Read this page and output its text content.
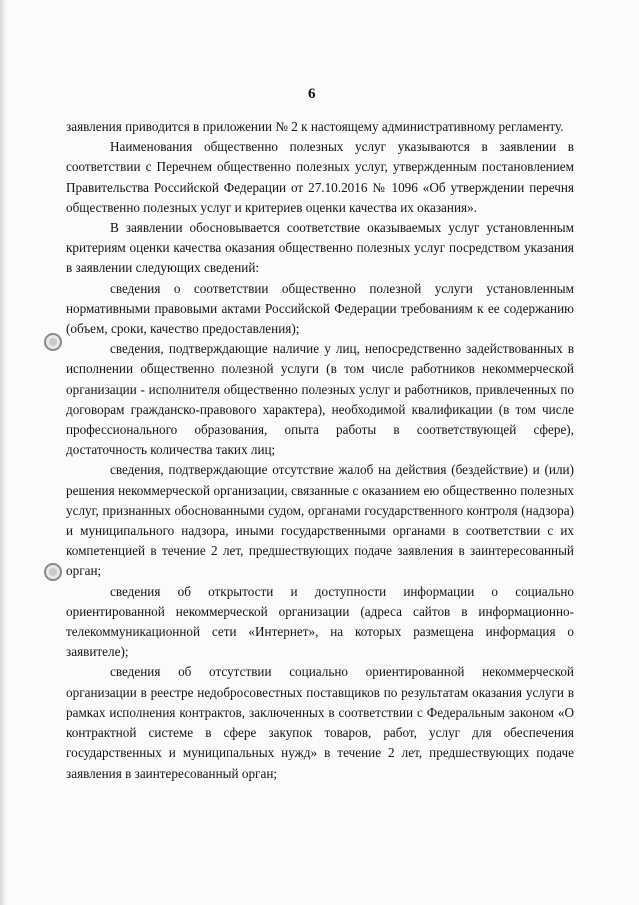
6

заявления приводится в приложении № 2 к настоящему административному регламенту.

Наименования общественно полезных услуг указываются в заявлении в соответствии с Перечнем общественно полезных услуг, утвержденным постановлением Правительства Российской Федерации от 27.10.2016 № 1096 «Об утверждении перечня общественно полезных услуг и критериев оценки качества их оказания».

В заявлении обосновывается соответствие оказываемых услуг установленным критериям оценки качества оказания общественно полезных услуг посредством указания в заявлении следующих сведений:

сведения о соответствии общественно полезной услуги установленным нормативными правовыми актами Российской Федерации требованиям к ее содержанию (объем, сроки, качество предоставления);

сведения, подтверждающие наличие у лиц, непосредственно задействованных в исполнении общественно полезной услуги (в том числе работников некоммерческой организации - исполнителя общественно полезных услуг и работников, привлеченных по договорам гражданско-правового характера), необходимой квалификации (в том числе профессионального образования, опыта работы в соответствующей сфере), достаточность количества таких лиц;

сведения, подтверждающие отсутствие жалоб на действия (бездействие) и (или) решения некоммерческой организации, связанные с оказанием ею общественно полезных услуг, признанных обоснованными судом, органами государственного контроля (надзора) и муниципального надзора, иными государственными органами в соответствии с их компетенцией в течение 2 лет, предшествующих подаче заявления в заинтересованный орган;

сведения об открытости и доступности информации о социально ориентированной некоммерческой организации (адреса сайтов в информационно-телекоммуникационной сети «Интернет», на которых размещена информация о заявителе);

сведения об отсутствии социально ориентированной некоммерческой организации в реестре недобросовестных поставщиков по результатам оказания услуги в рамках исполнения контрактов, заключенных в соответствии с Федеральным законом «О контрактной системе в сфере закупок товаров, работ, услуг для обеспечения государственных и муниципальных нужд» в течение 2 лет, предшествующих подаче заявления в заинтересованный орган;
